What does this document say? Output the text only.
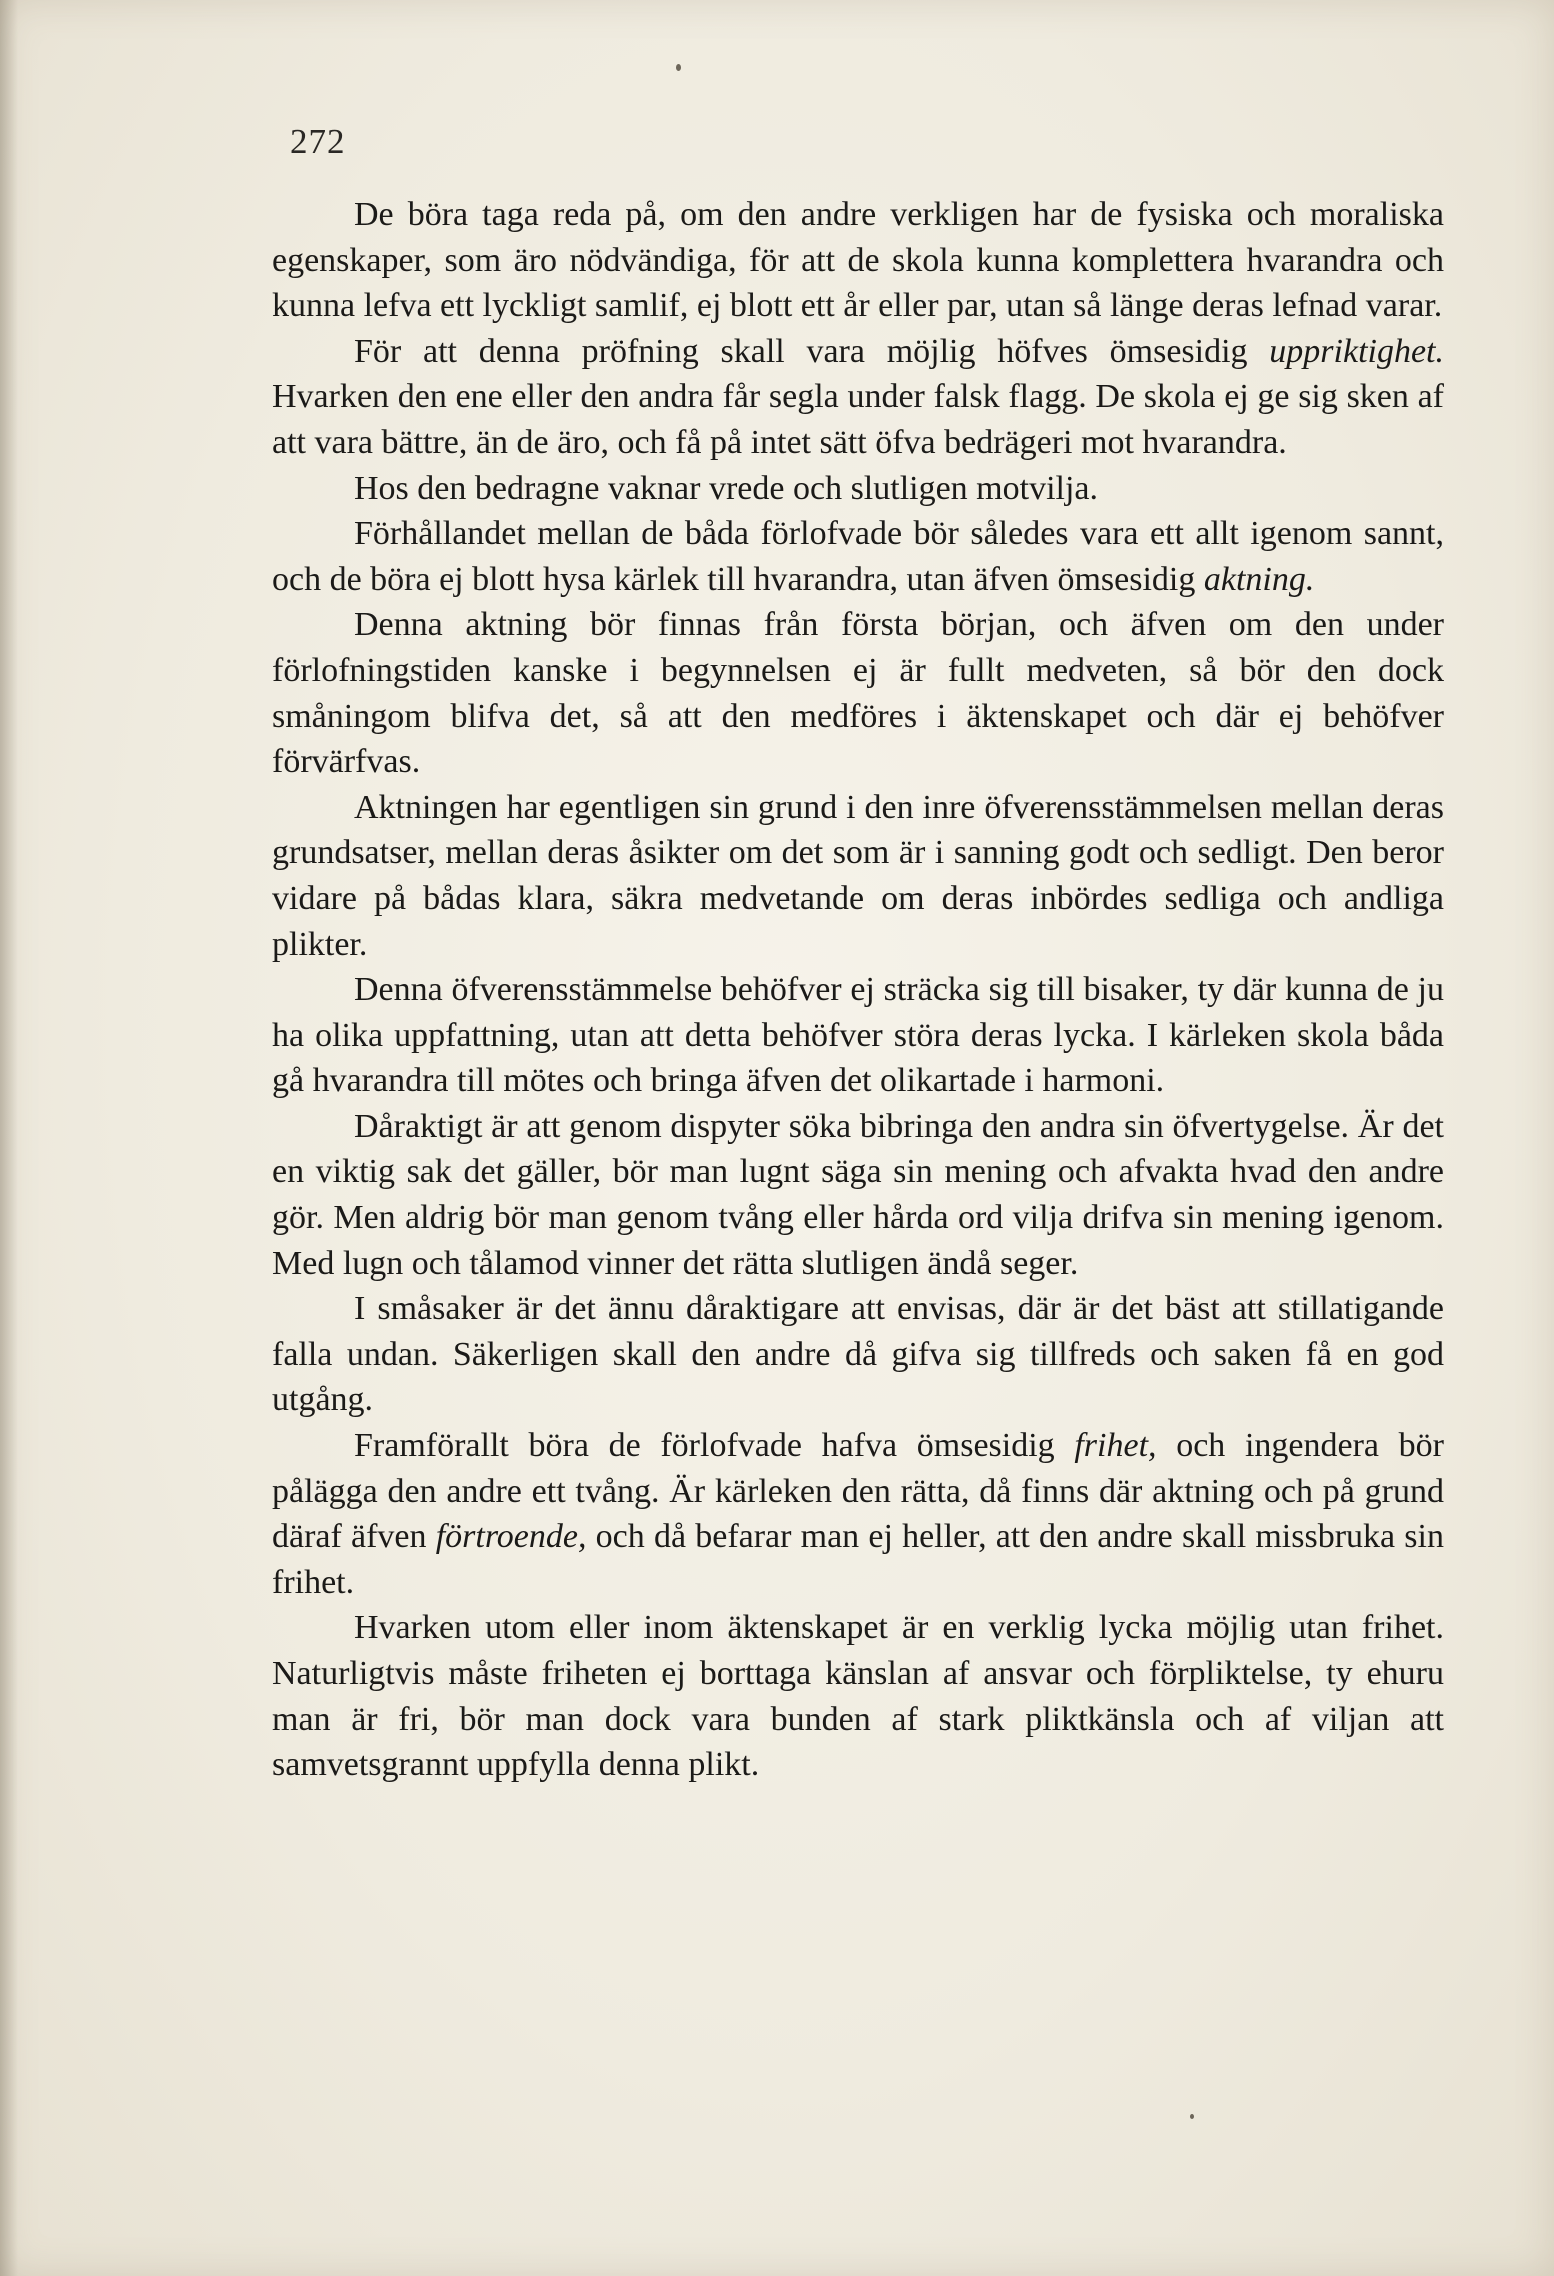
272

De böra taga reda på, om den andre verkligen har de fysiska och moraliska egenskaper, som äro nödvändiga, för att de skola kunna komplettera hvarandra och kunna lefva ett lyckligt samlif, ej blott ett år eller par, utan så länge deras lefnad varar.

För att denna pröfning skall vara möjlig höfves ömsesidig uppriktighet. Hvarken den ene eller den andra får segla under falsk flagg. De skola ej ge sig sken af att vara bättre, än de äro, och få på intet sätt öfva bedrägeri mot hvarandra.

Hos den bedragne vaknar vrede och slutligen motvilja.

Förhållandet mellan de båda förlofvade bör således vara ett allt igenom sannt, och de böra ej blott hysa kärlek till hvarandra, utan äfven ömsesidig aktning.

Denna aktning bör finnas från första början, och äfven om den under förlofningstiden kanske i begynnelsen ej är fullt medveten, så bör den dock småningom blifva det, så att den medföres i äktenskapet och där ej behöfver förvärfvas.

Aktningen har egentligen sin grund i den inre öfverensstämmelsen mellan deras grundsatser, mellan deras åsikter om det som är i sanning godt och sedligt. Den beror vidare på bådas klara, säkra medvetande om deras inbördes sedliga och andliga plikter.

Denna öfverensstämmelse behöfver ej sträcka sig till bisaker, ty där kunna de ju ha olika uppfattning, utan att detta behöfver störa deras lycka. I kärleken skola båda gå hvarandra till mötes och bringa äfven det olikartade i harmoni.

Dåraktigt är att genom dispyter söka bibringa den andra sin öfvertygelse. Är det en viktig sak det gäller, bör man lugnt säga sin mening och afvakta hvad den andre gör. Men aldrig bör man genom tvång eller hårda ord vilja drifva sin mening igenom. Med lugn och tålamod vinner det rätta slutligen ändå seger.

I småsaker är det ännu dåraktigare att envisas, där är det bäst att stillatigande falla undan. Säkerligen skall den andre då gifva sig tillfreds och saken få en god utgång.

Framförallt böra de förlofvade hafva ömsesidig frihet, och ingendera bör pålägga den andre ett tvång. Är kärleken den rätta, då finns där aktning och på grund däraf äfven förtroende, och då befarar man ej heller, att den andre skall missbruka sin frihet.

Hvarken utom eller inom äktenskapet är en verklig lycka möjlig utan frihet. Naturligtvis måste friheten ej borttaga känslan af ansvar och förpliktelse, ty ehuru man är fri, bör man dock vara bunden af stark pliktkänsla och af viljan att samvetsgrannt uppfylla denna plikt.
